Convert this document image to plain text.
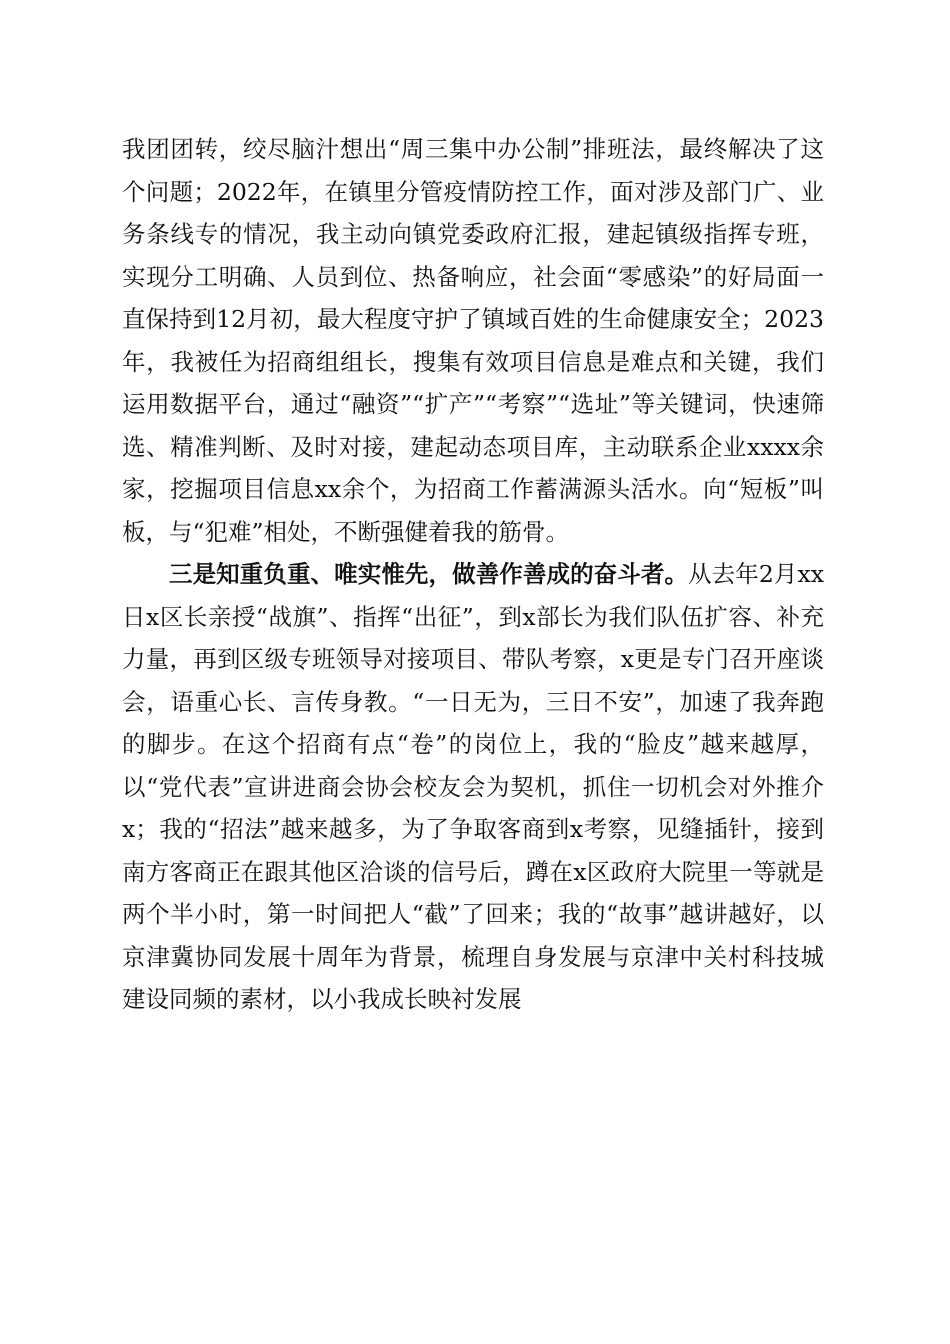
我团团转，绞尽脑汁想出“周三集中办公制”排班法，最终解决了这个问题；2022年，在镇里分管疫情防控工作，面对涉及部门广、业务条线专的情况，我主动向镇党委政府汇报，建起镇级指挥专班，实现分工明确、人员到位、热备响应，社会面“零感染”的好局面一直保持到12月初，最大程度守护了镇域百姓的生命健康安全；2023年，我被任为招商组组长，搜集有效项目信息是难点和关键，我们运用数据平台，通过“融资”“扩产”“考察”“选址”等关键词，快速筛选、精准判断、及时对接，建起动态项目库，主动联系企业xxxx余家，挖掘项目信息xx余个，为招商工作蓄满源头活水。向“短板”叫板，与“犯难”相处，不断强健着我的筋骨。

三是知重负重、唯实惟先，做善作善成的奋斗者。从去年2月xx日x区长亲授“战旗”、指挥“出征”，到x部长为我们队伍扩容、补充力量，再到区级专班领导对接项目、带队考察，x更是专门召开座谈会，语重心长、言传身教。“一日无为，三日不安”，加速了我奔跑的脚步。在这个招商有点“卷”的岗位上，我的“脸皮”越来越厚，以“党代表”宣讲进商会协会校友会为契机，抓住一切机会对外推介x；我的“招法”越来越多，为了争取客商到x考察，见缝插针，接到南方客商正在跟其他区洽谈的信号后，蹲在x区政府大院里一等就是两个半小时，第一时间把人“截”了回来；我的“故事”越讲越好，以京津冀协同发展十周年为背景，梳理自身发展与京津中关村科技城建设同频的素材，以小我成长映衬发展
